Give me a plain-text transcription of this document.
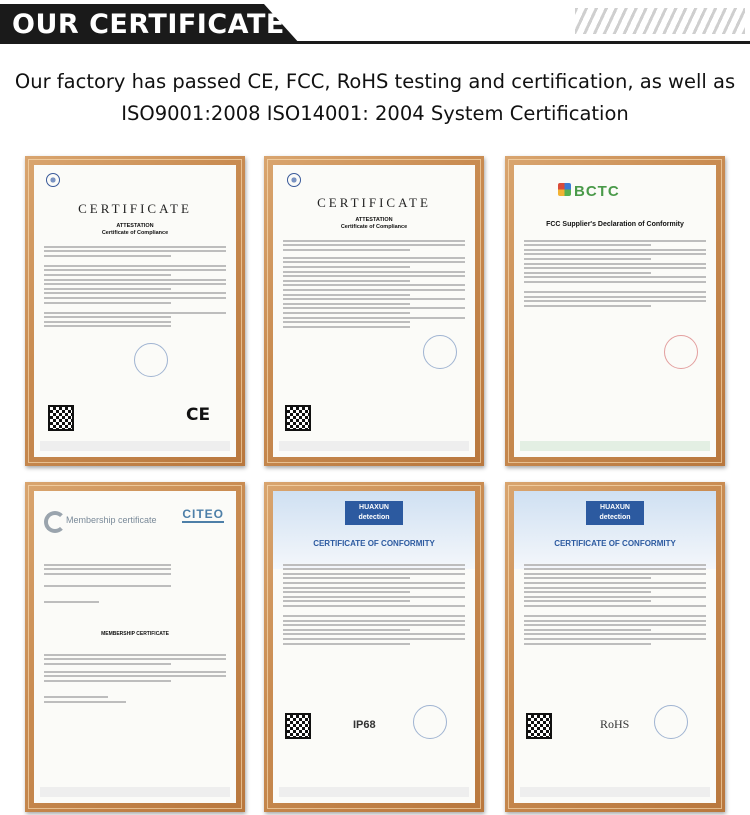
OUR CERTIFICATE
Our factory has passed CE, FCC, RoHS testing and certification, as well as
ISO9001:2008 ISO14001: 2004 System Certification
CERTIFICATE
ATTESTATION
Certificate of Compliance
CE
CERTIFICATE
ATTESTATION
Certificate of Compliance
BCTC
FCC Supplier's Declaration of Conformity
Membership certificate CITEO
MEMBERSHIP CERTIFICATE
HUAXUN
detection
CERTIFICATE OF CONFORMITY
IP68
HUAXUN
detection
CERTIFICATE OF CONFORMITY
RoHS
